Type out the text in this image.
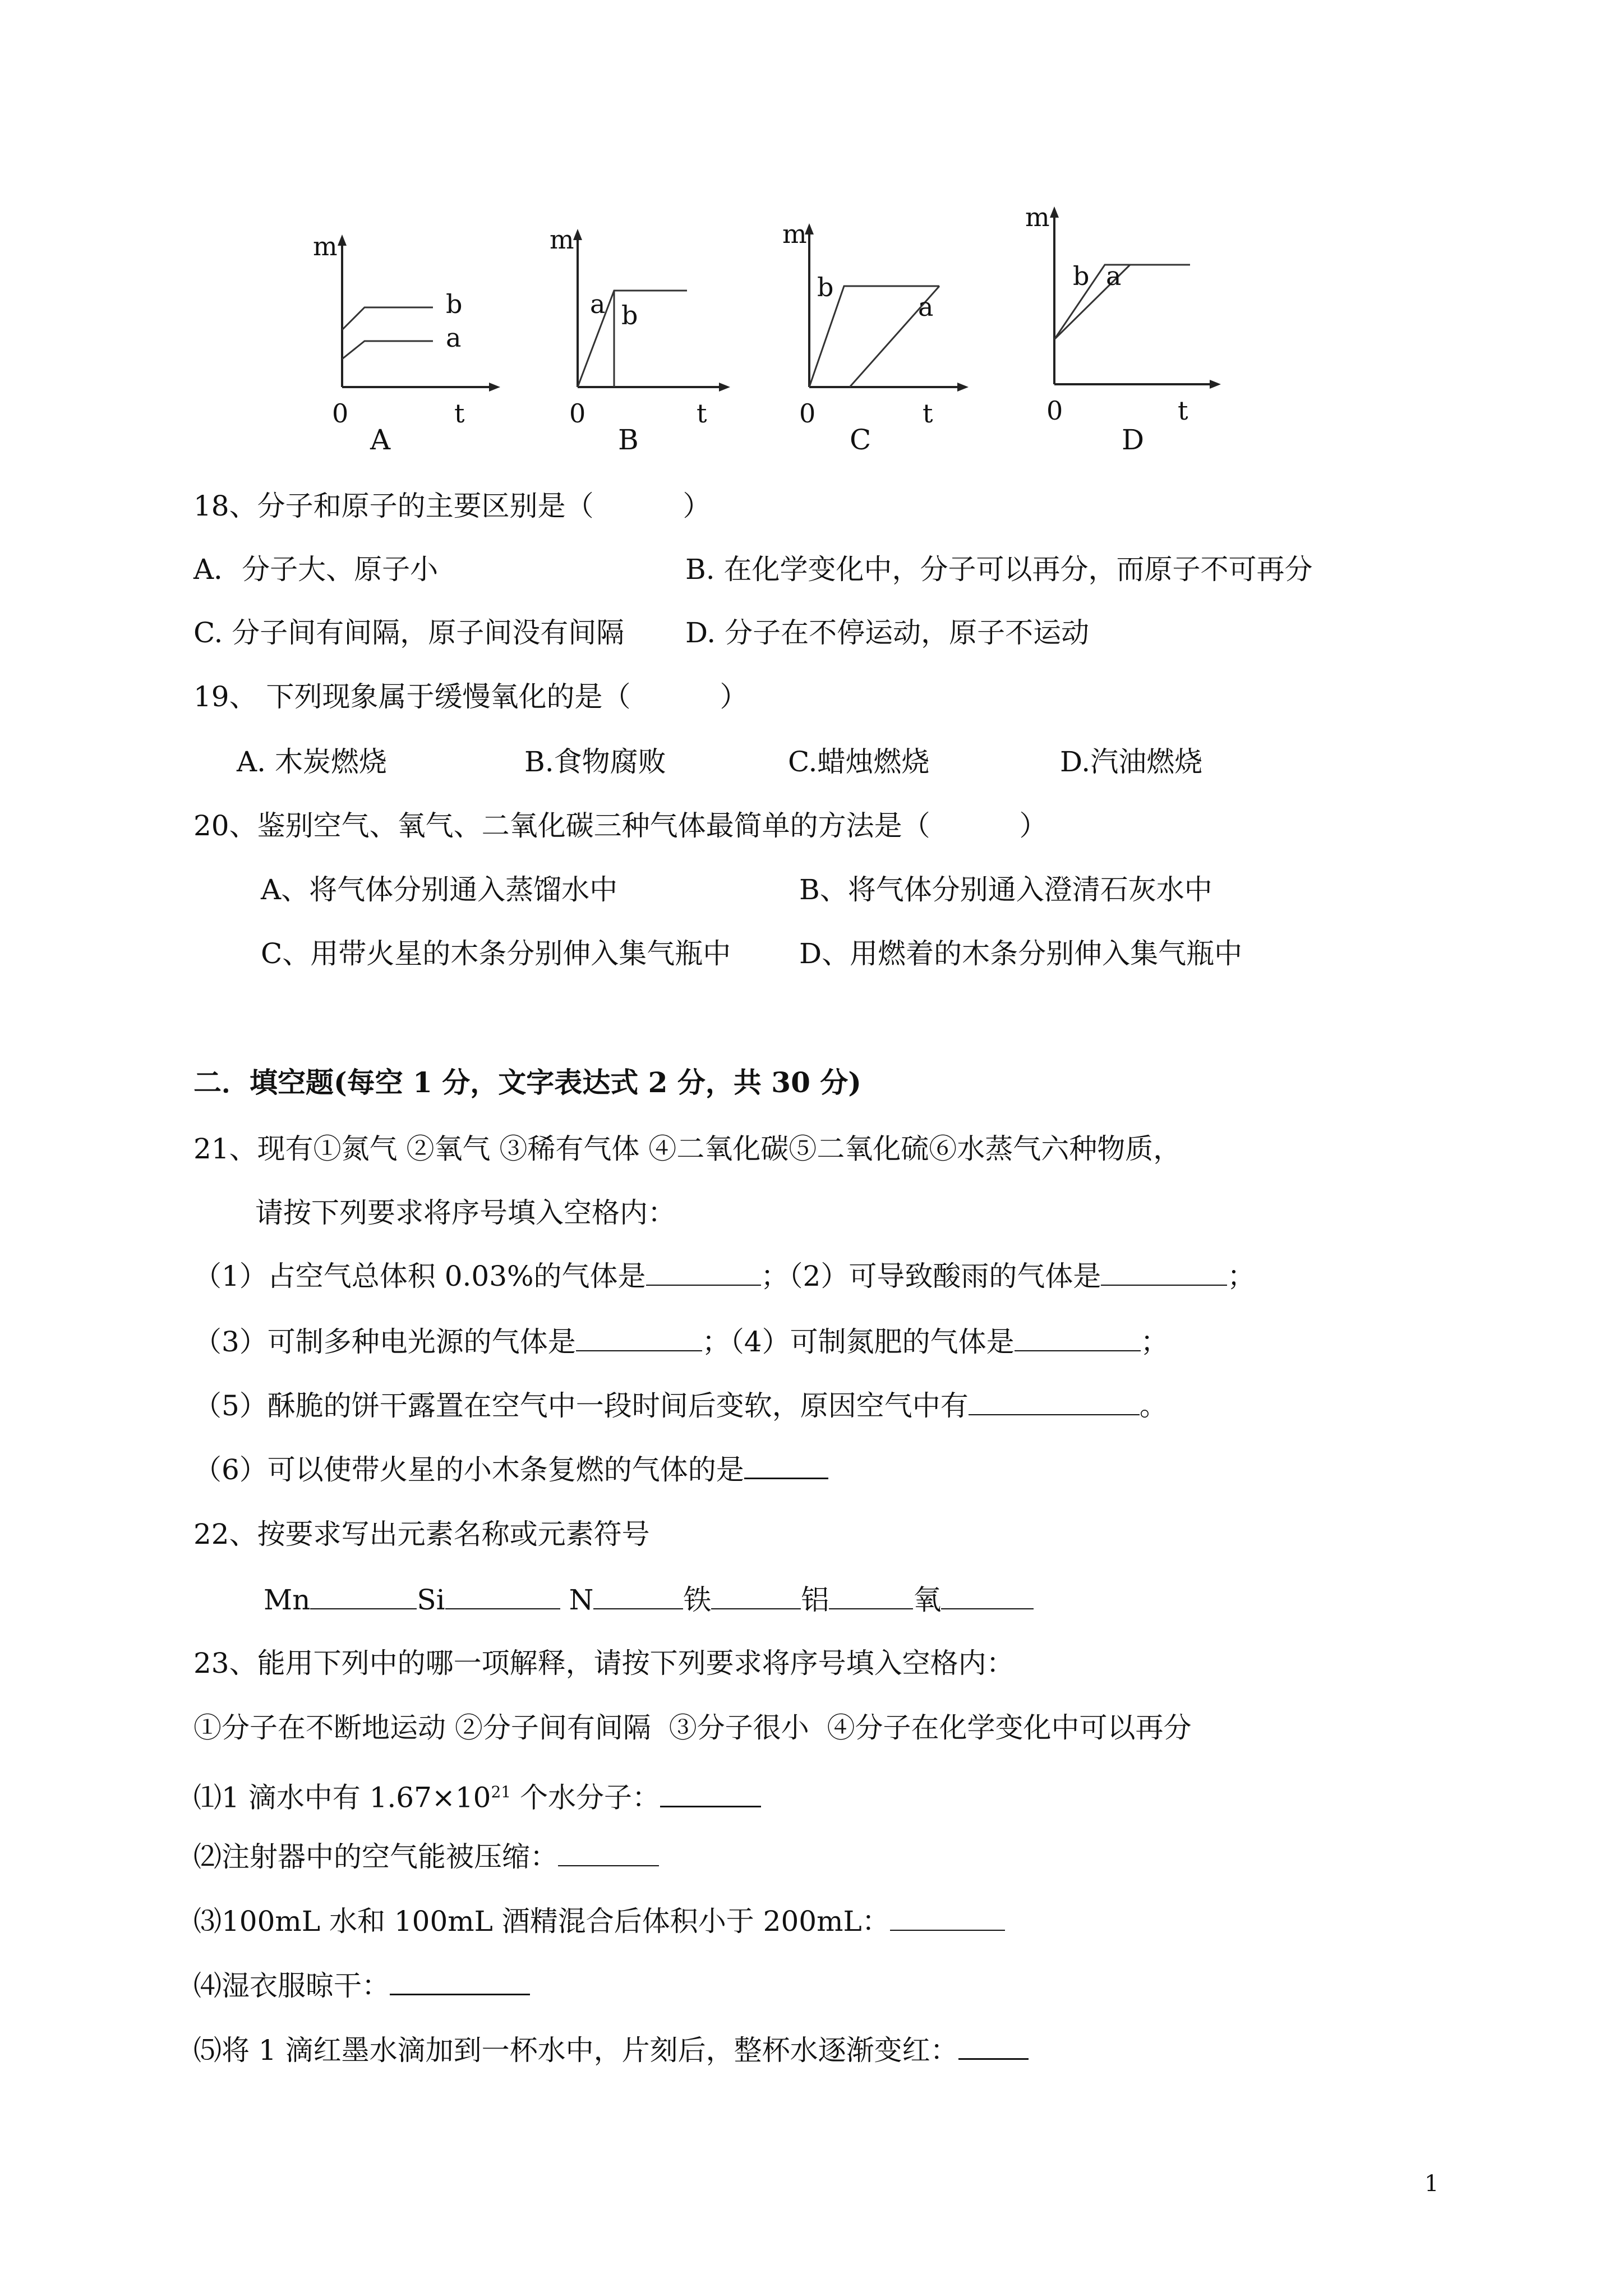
m
t
0
b
a
A
m
t
0
a b
B
m
t
0
b
a
C
m
t
0
b a
D
18、分子和原子的主要区别是（          ）
A．分子大、原子小	B. 在化学变化中，分子可以再分，而原子不可再分
C. 分子间有间隔，原子间没有间隔 D. 分子在不停运动，原子不运动
19、 下列现象属于缓慢氧化的是（          ）
A. 木炭燃烧	B.食物腐败	C.蜡烛燃烧	D.汽油燃烧
20、鉴别空气、氧气、二氧化碳三种气体最简单的方法是（          ）
A、将气体分别通入蒸馏水中	B、将气体分别通入澄清石灰水中
C、用带火星的木条分别伸入集气瓶中 D、用燃着的木条分别伸入集气瓶中
二．填空题(每空 1 分，文字表达式 2 分，共 30 分)
21、现有①氮气 ②氧气 ③稀有气体 ④二氧化碳⑤二氧化硫⑥水蒸气六种物质，
请按下列要求将序号填入空格内：
（1）占空气总体积 0.03%的气体是	；（2）可导致酸雨的气体是	；
（3）可制多种电光源的气体是	；（4）可制氮肥的气体是	；
（5）酥脆的饼干露置在空气中一段时间后变软，原因空气中有	。
（6）可以使带火星的小木条复燃的气体的是
22、按要求写出元素名称或元素符号
Mn	Si	N	铁	铝	氧
23、能用下列中的哪一项解释，请按下列要求将序号填入空格内：
①分子在不断地运动 ②分子间有间隔  ③分子很小  ④分子在化学变化中可以再分
⑴1 滴水中有 $1.67\times 10^{21}$ 个水分子：
⑵注射器中的空气能被压缩：
⑶100mL 水和 100mL 酒精混合后体积小于 200mL：
⑷湿衣服晾干：
⑸将 1 滴红墨水滴加到一杯水中，片刻后，整杯水逐渐变红：
1
